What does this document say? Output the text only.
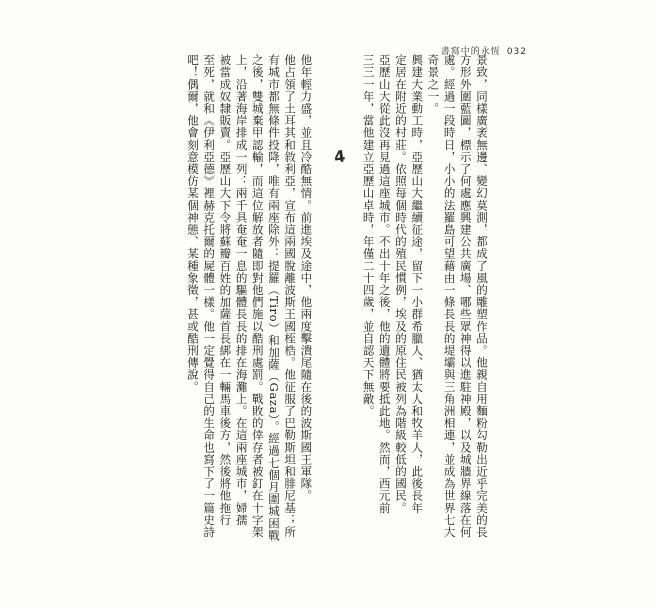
書寫中的永恆 032
景致，同樣廣袤無邊、變幻莫測，都成了風的雕塑作品。他親自用麵粉勾勒出近乎完美的長
方形外圍藍圖，標示了何處應興建公共廣場、哪些眾神得以進駐神殿，以及城牆界線落在何
處。經過一段時日，小小的法羅島可望藉由一條長長的堤壩與三角洲相連，並成為世界七大
奇景之一。
興建大業動工時，亞歷山大繼續征途，留下一小群希臘人、猶太人和牧羊人，此後長年
定居在附近的村莊。依照每個時代的殖民慣例，埃及的原住民被列為階級較低的國民。
亞歷山大從此沒再見過這座城市。不出十年之後，他的遺體將要抵此地。然而，西元前
三三一年，當他建立亞歷山卓時，年僅二十四歲，並自認天下無敵。
他年輕力盛，並且冷酷無情。前進埃及途中，他兩度擊潰尾隨在後的波斯國王軍隊。
他占領了土耳其和敘利亞，宣布這兩國脫離波斯王國桎梏。他征服了巴勒斯坦和腓尼基；所
有城市都無條件投降，唯有兩座除外：提羅（Tiro）和加薩（Gaza）。經過七個月圍城困戰
之後，雙城棄甲認輸，而這位解放者隨即對他們施以酷刑處罰。戰敗的倖存者被釘在十字架
上，沿著海岸排成一列：兩千具奄奄一息的驅體長長的排在海灘上。在這兩座城市，婦孺
被當成奴隸販賣。亞歷山大下令將蘇瓣百姓的加薩首長綁在一輛馬車後方，然後將他拖行
至死，就和《伊利亞德》裡赫克托爾的屍體一樣。他一定覺得自己的生命也寫下了一篇史詩
吧！偶爾，他會刻意模仿某個神態、某種象徵，甚或酷刑傳說。	4
